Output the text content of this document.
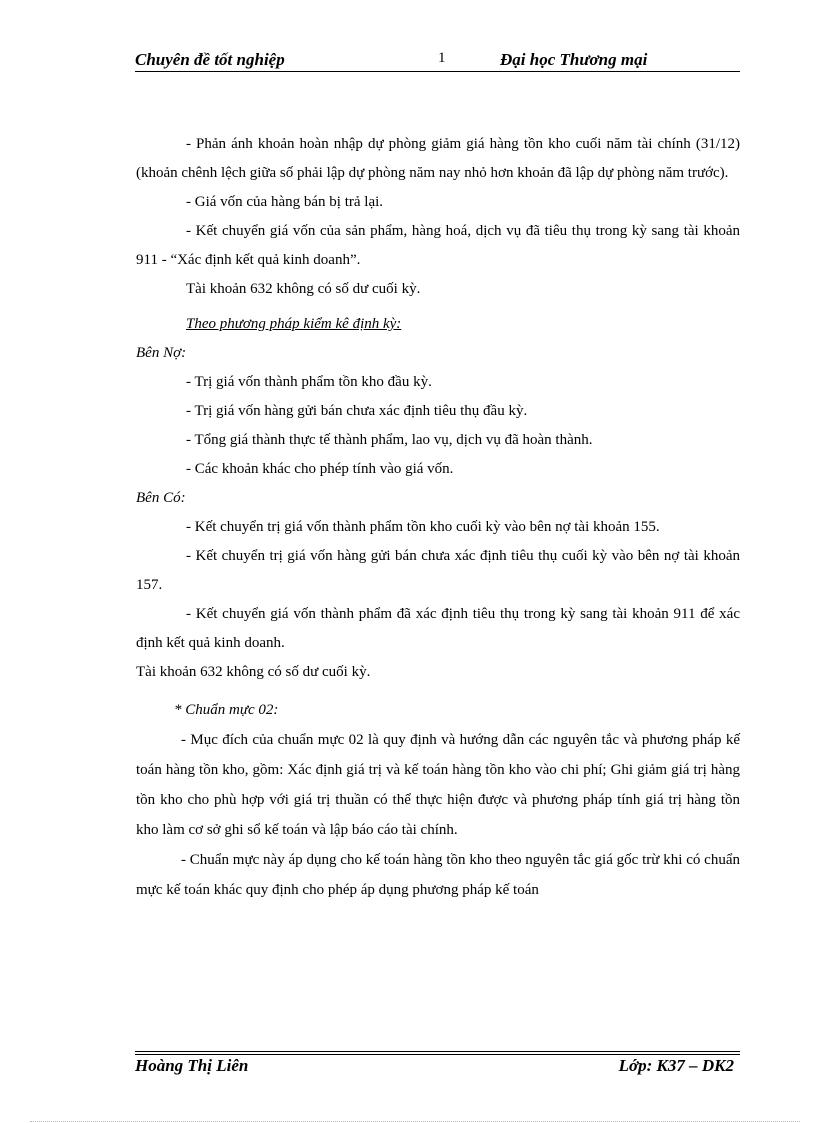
Chuyên đề tốt nghiệp	1	Đại học Thương mại

- Phản ánh khoản hoàn nhập dự phòng giảm giá hàng tồn kho cuối năm tài chính (31/12) (khoản chênh lệch giữa số phải lập dự phòng năm nay nhỏ hơn khoản đã lập dự phòng năm trước).

- Giá vốn của hàng bán bị trả lại.

- Kết chuyển giá vốn của sản phẩm, hàng hoá, dịch vụ đã tiêu thụ trong kỳ sang tài khoản 911 - “Xác định kết quả kinh doanh”.

Tài khoản 632 không có số dư cuối kỳ.

Theo phương pháp kiểm kê định kỳ:

Bên Nợ:

- Trị giá vốn thành phẩm tồn kho đầu kỳ.

- Trị giá vốn hàng gửi bán chưa xác định tiêu thụ đầu kỳ.

- Tổng giá thành thực tế thành phẩm, lao vụ, dịch vụ đã hoàn thành.

- Các khoản khác cho phép tính vào giá vốn.

Bên Có:

- Kết chuyển trị giá vốn thành phẩm tồn kho cuối kỳ vào bên nợ tài khoản 155.

- Kết chuyển trị giá vốn hàng gửi bán chưa xác định tiêu thụ cuối kỳ vào bên nợ tài khoản 157.

- Kết chuyển giá vốn thành phẩm đã xác định tiêu thụ trong kỳ sang tài khoản 911 để xác định kết quả kinh doanh.

Tài khoản 632 không có số dư cuối kỳ.

* Chuẩn mực 02:

- Mục đích của chuẩn mực 02 là quy định và hướng dẫn các nguyên tắc và phương pháp kế toán hàng tồn kho, gồm: Xác định giá trị và kế toán hàng tồn kho vào chi phí; Ghi giảm giá trị hàng tồn kho cho phù hợp với giá trị thuần có thể thực hiện được và phương pháp tính giá trị hàng tồn kho làm cơ sở ghi sổ kế toán và lập báo cáo tài chính.

- Chuẩn mực này áp dụng cho kế toán hàng tồn kho theo nguyên tắc giá gốc trừ khi có chuẩn mực kế toán khác quy định cho phép áp dụng phương pháp kế toán

Hoàng Thị Liên	Lớp: K37 – DK2
